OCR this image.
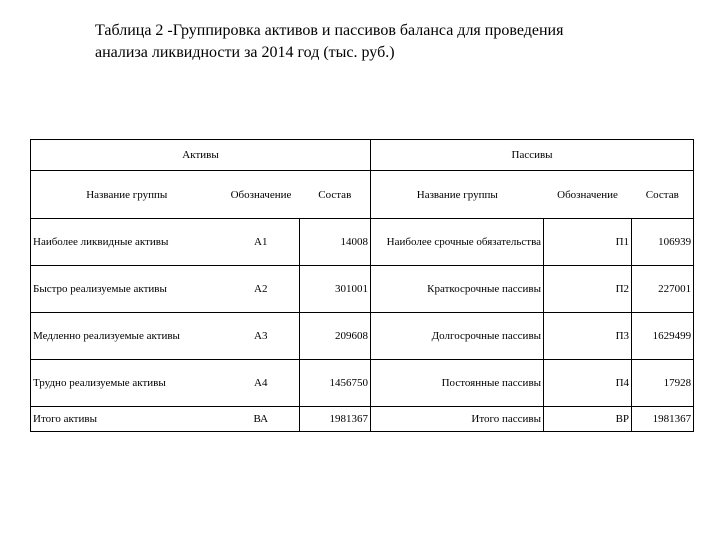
Таблица 2 -Группировка активов и пассивов баланса для проведения
анализа ликвидности за 2014 год (тыс. руб.)
Активы			Пассивы		
Название группы	Обозначение	Состав	Название группы	Обозначение	Состав
Наиболее ликвидные активы	А1	14008	Наиболее срочные обязательства	П1	106939
Быстро реализуемые активы	А2	301001	Краткосрочные пассивы	П2	227001
Медленно реализуемые активы	А3	209608	Долгосрочные пассивы	П3	1629499
Трудно реализуемые активы	А4	1456750	Постоянные пассивы	П4	17928
Итого активы	ВА	1981367	Итого пассивы	ВР	1981367
